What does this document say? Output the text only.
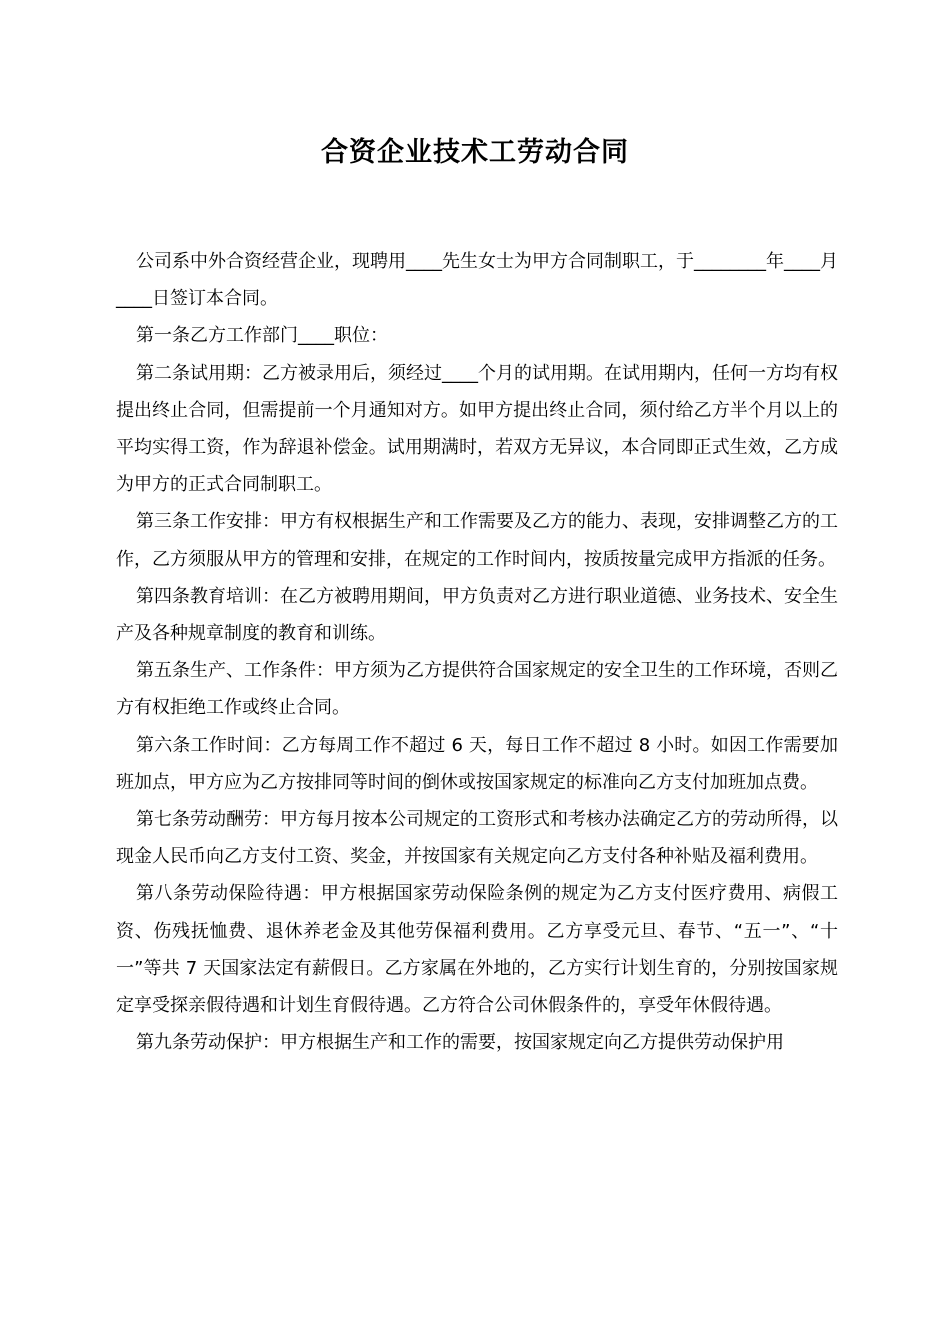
合资企业技术工劳动合同

公司系中外合资经营企业，现聘用____先生女士为甲方合同制职工，于________年____月____日签订本合同。

第一条乙方工作部门____职位：

第二条试用期：乙方被录用后，须经过____个月的试用期。在试用期内，任何一方均有权提出终止合同，但需提前一个月通知对方。如甲方提出终止合同，须付给乙方半个月以上的平均实得工资，作为辞退补偿金。试用期满时，若双方无异议，本合同即正式生效，乙方成为甲方的正式合同制职工。

第三条工作安排：甲方有权根据生产和工作需要及乙方的能力、表现，安排调整乙方的工作，乙方须服从甲方的管理和安排，在规定的工作时间内，按质按量完成甲方指派的任务。

第四条教育培训：在乙方被聘用期间，甲方负责对乙方进行职业道德、业务技术、安全生产及各种规章制度的教育和训练。

第五条生产、工作条件：甲方须为乙方提供符合国家规定的安全卫生的工作环境，否则乙方有权拒绝工作或终止合同。

第六条工作时间：乙方每周工作不超过 6 天，每日工作不超过 8 小时。如因工作需要加班加点，甲方应为乙方按排同等时间的倒休或按国家规定的标准向乙方支付加班加点费。

第七条劳动酬劳：甲方每月按本公司规定的工资形式和考核办法确定乙方的劳动所得，以现金人民币向乙方支付工资、奖金，并按国家有关规定向乙方支付各种补贴及福利费用。

第八条劳动保险待遇：甲方根据国家劳动保险条例的规定为乙方支付医疗费用、病假工资、伤残抚恤费、退休养老金及其他劳保福利费用。乙方享受元旦、春节、“五一”、“十一”等共 7 天国家法定有薪假日。乙方家属在外地的，乙方实行计划生育的，分别按国家规定享受探亲假待遇和计划生育假待遇。乙方符合公司休假条件的，享受年休假待遇。

第九条劳动保护：甲方根据生产和工作的需要，按国家规定向乙方提供劳动保护用
